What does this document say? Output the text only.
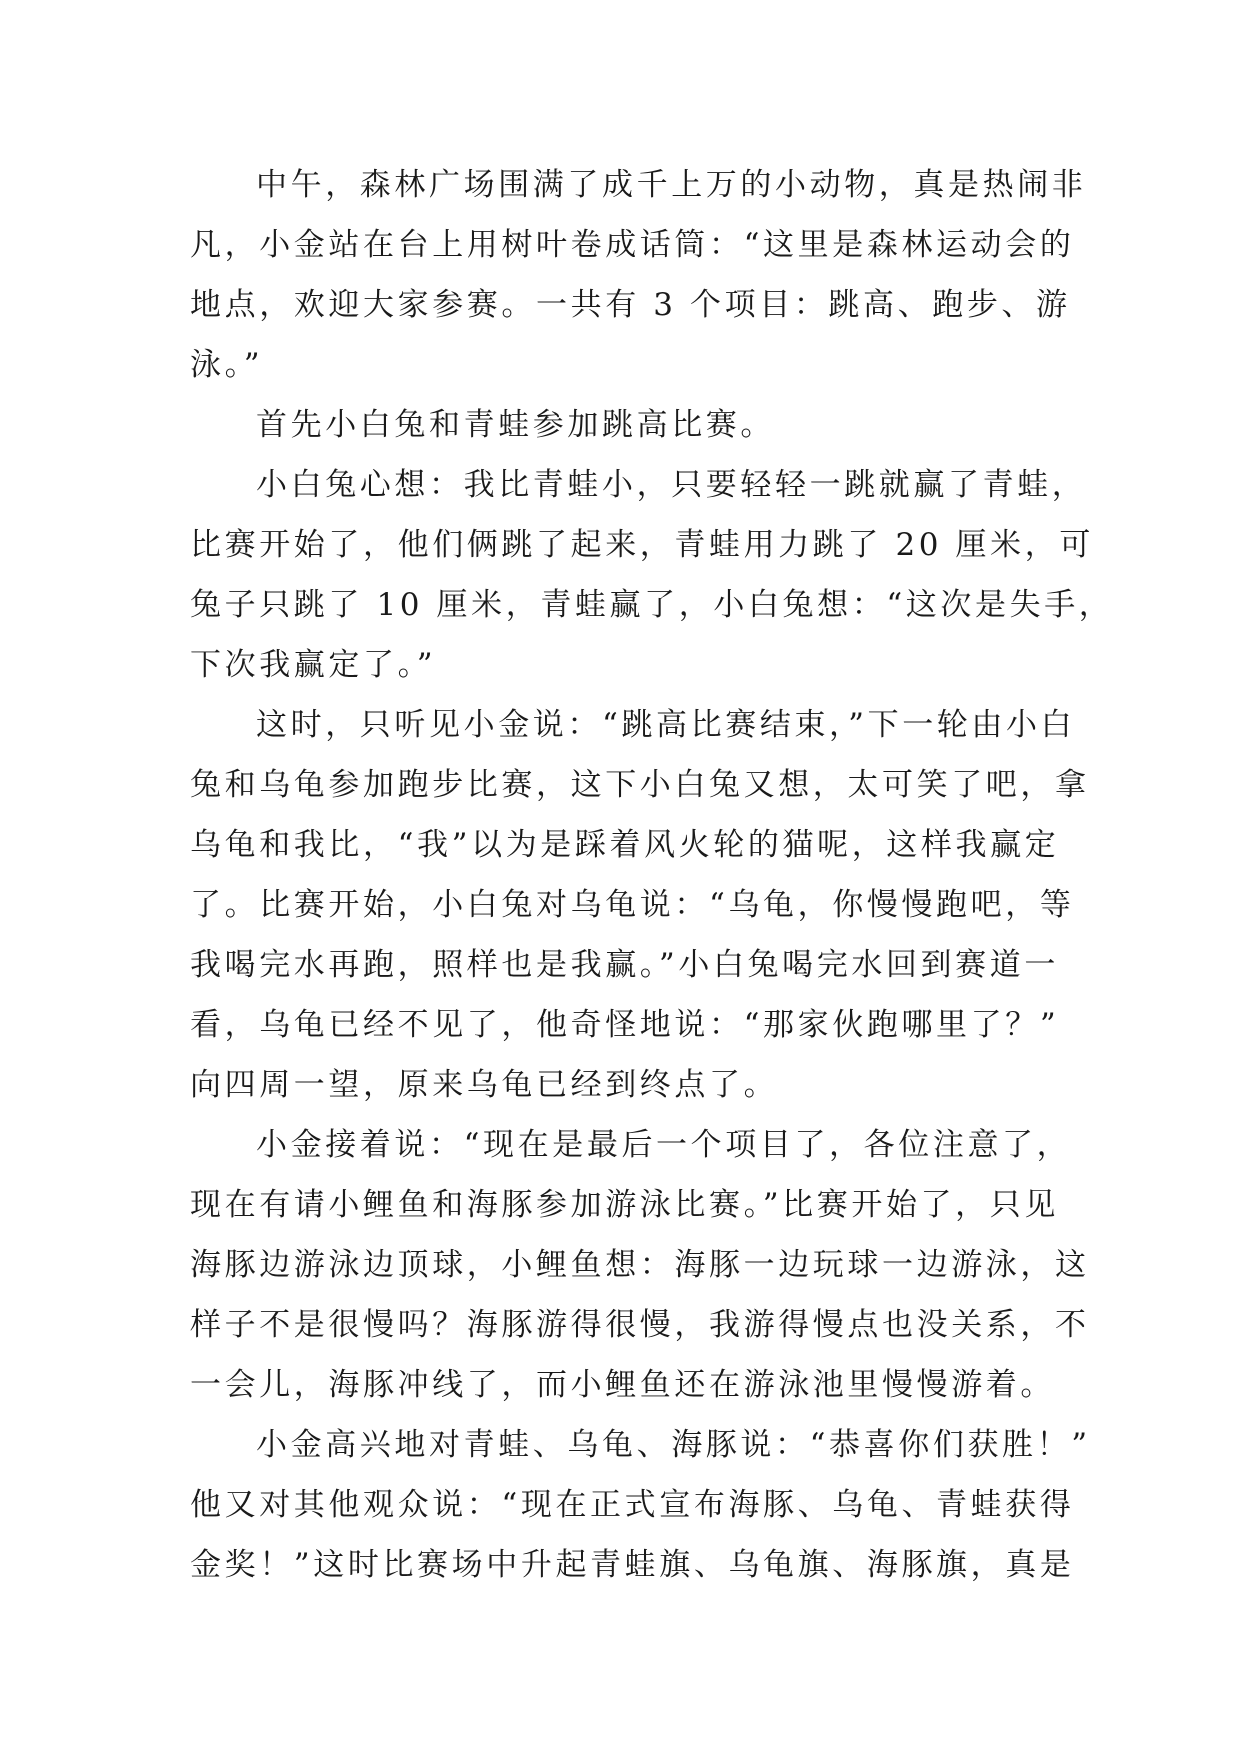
中午，森林广场围满了成千上万的小动物，真是热闹非
凡，小金站在台上用树叶卷成话筒：“这里是森林运动会的
地点，欢迎大家参赛。一共有 3 个项目：跳高、跑步、游
泳。”
首先小白兔和青蛙参加跳高比赛。
小白兔心想：我比青蛙小，只要轻轻一跳就赢了青蛙，
比赛开始了，他们俩跳了起来，青蛙用力跳了 20 厘米，可
兔子只跳了 10 厘米，青蛙赢了，小白兔想：“这次是失手，
下次我赢定了。”
这时，只听见小金说：“跳高比赛结束，”下一轮由小白
兔和乌龟参加跑步比赛，这下小白兔又想，太可笑了吧，拿
乌龟和我比，“我”以为是踩着风火轮的猫呢，这样我赢定
了。比赛开始，小白兔对乌龟说：“乌龟，你慢慢跑吧，等
我喝完水再跑，照样也是我赢。”小白兔喝完水回到赛道一
看，乌龟已经不见了，他奇怪地说：“那家伙跑哪里了？”
向四周一望，原来乌龟已经到终点了。
小金接着说：“现在是最后一个项目了，各位注意了，
现在有请小鲤鱼和海豚参加游泳比赛。”比赛开始了，只见
海豚边游泳边顶球，小鲤鱼想：海豚一边玩球一边游泳，这
样子不是很慢吗？海豚游得很慢，我游得慢点也没关系，不
一会儿，海豚冲线了，而小鲤鱼还在游泳池里慢慢游着。
小金高兴地对青蛙、乌龟、海豚说：“恭喜你们获胜！”
他又对其他观众说：“现在正式宣布海豚、乌龟、青蛙获得
金奖！”这时比赛场中升起青蛙旗、乌龟旗、海豚旗，真是
